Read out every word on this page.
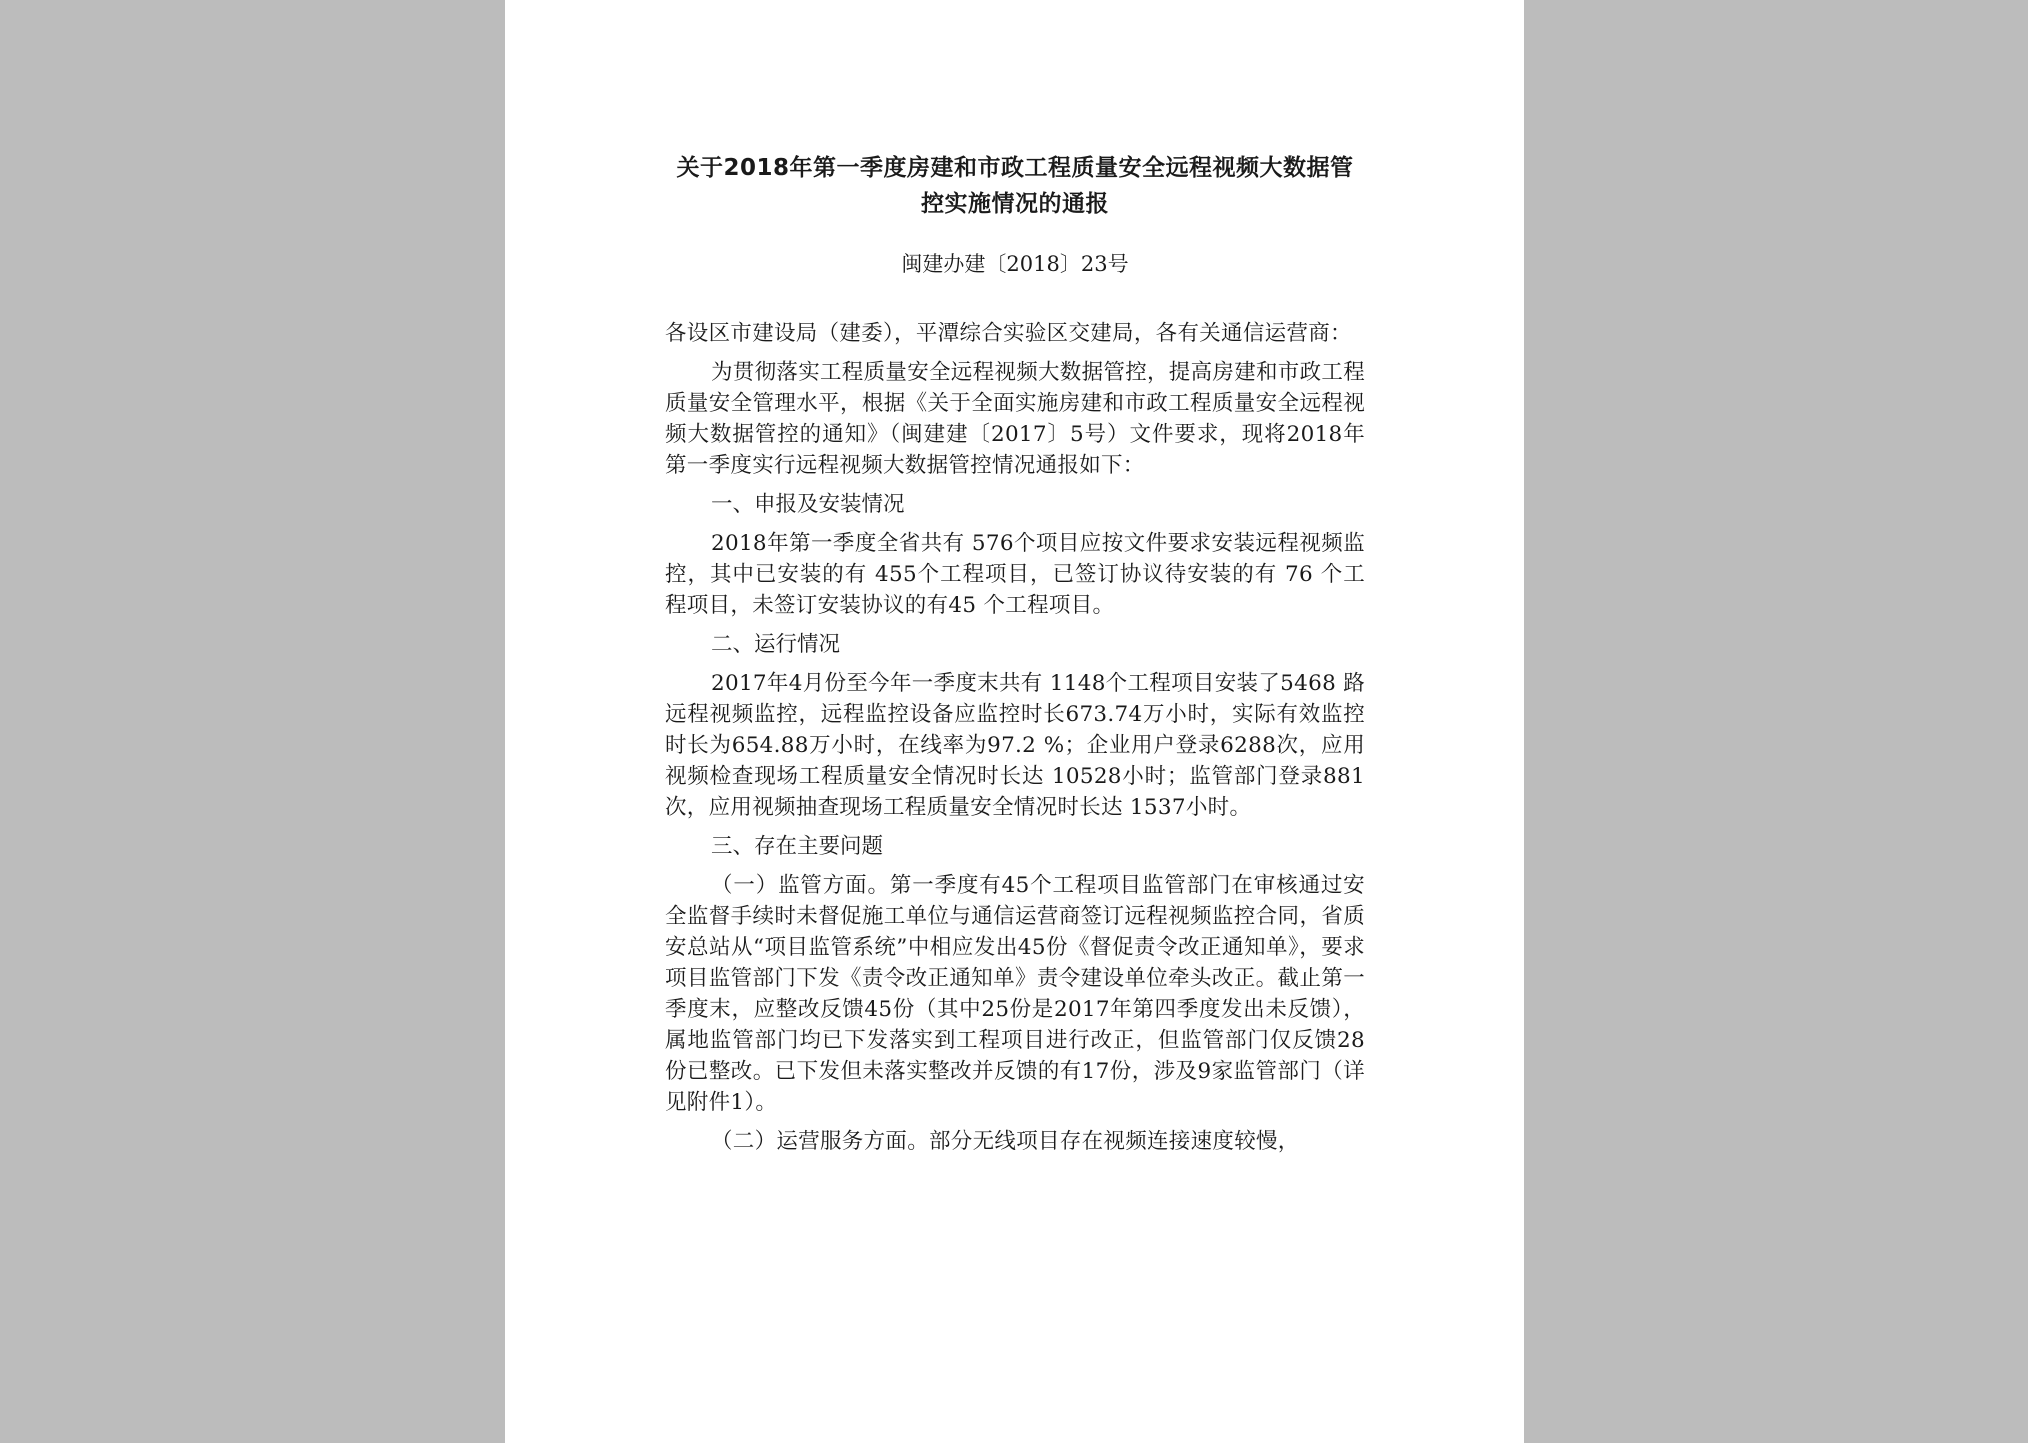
关于2018年第一季度房建和市政工程质量安全远程视频大数据管控实施情况的通报
闽建办建〔2018〕23号

各设区市建设局（建委），平潭综合实验区交建局，各有关通信运营商：

为贯彻落实工程质量安全远程视频大数据管控，提高房建和市政工程质量安全管理水平，根据《关于全面实施房建和市政工程质量安全远程视频大数据管控的通知》（闽建建〔2017〕5号）文件要求，现将2018年第一季度实行远程视频大数据管控情况通报如下：

一、申报及安装情况

2018年第一季度全省共有 576个项目应按文件要求安装远程视频监控，其中已安装的有 455个工程项目，已签订协议待安装的有 76 个工程项目，未签订安装协议的有45 个工程项目。

二、运行情况

2017年4月份至今年一季度末共有 1148个工程项目安装了5468 路远程视频监控，远程监控设备应监控时长673.74万小时，实际有效监控时长为654.88万小时，在线率为97.2 %；企业用户登录6288次，应用视频检查现场工程质量安全情况时长达 10528小时；监管部门登录881次，应用视频抽查现场工程质量安全情况时长达 1537小时。

三、存在主要问题

（一）监管方面。第一季度有45个工程项目监管部门在审核通过安全监督手续时未督促施工单位与通信运营商签订远程视频监控合同，省质安总站从“项目监管系统”中相应发出45份《督促责令改正通知单》，要求项目监管部门下发《责令改正通知单》责令建设单位牵头改正。截止第一季度末，应整改反馈45份（其中25份是2017年第四季度发出未反馈），属地监管部门均已下发落实到工程项目进行改正，但监管部门仅反馈28份已整改。已下发但未落实整改并反馈的有17份，涉及9家监管部门（详见附件1）。

（二）运营服务方面。部分无线项目存在视频连接速度较慢，
